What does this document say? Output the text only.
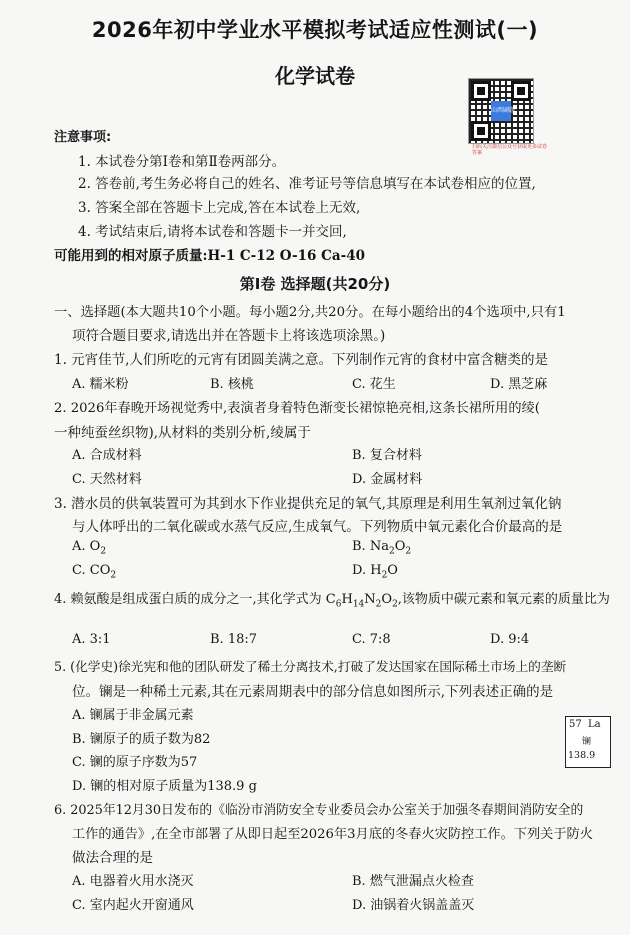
2026年初中学业水平模拟考试适应性测试(一)
化学试卷
山西刷题
扫码关注微信公众号获取更多试卷答案
注意事项:
1. 本试卷分第Ⅰ卷和第Ⅱ卷两部分。
2. 答卷前,考生务必将自己的姓名、准考证号等信息填写在本试卷相应的位置,
3. 答案全部在答题卡上完成,答在本试卷上无效,
4. 考试结束后,请将本试卷和答题卡一并交回,
可能用到的相对原子质量:H-1 C-12 O-16 Ca-40
第Ⅰ卷 选择题(共20分)
一、选择题(本大题共10个小题。每小题2分,共20分。在每小题给出的4个选项中,只有1
项符合题目要求,请选出并在答题卡上将该选项涂黑。)
1. 元宵佳节,人们所吃的元宵有团圆美满之意。下列制作元宵的食材中富含糖类的是
A. 糯米粉	B. 核桃	C. 花生	D. 黑芝麻
2. 2026年春晚开场视觉秀中,表演者身着特色渐变长裙惊艳亮相,这条长裙所用的绫(
一种纯蚕丝织物),从材料的类别分析,绫属于
A. 合成材料	B. 复合材料
C. 天然材料	D. 金属材料
3. 潜水员的供氧装置可为其到水下作业提供充足的氧气,其原理是利用生氧剂过氧化钠
与人体呼出的二氧化碳或水蒸气反应,生成氧气。下列物质中氧元素化合价最高的是
A. $O_2$	B. $Na_2O_2$
C. $CO_2$	D. $H_2O$
4. 赖氨酸是组成蛋白质的成分之一,其化学式为 $C_6H_{14}N_2O_2$,该物质中碳元素和氧元素的质量比为
A. 3:1	B. 18:7	C. 7:8	D. 9:4
5. (化学史)徐光宪和他的团队研发了稀土分离技术,打破了发达国家在国际稀土市场上的垄断
位。镧是一种稀土元素,其在元素周期表中的部分信息如图所示,下列表述正确的是
A. 镧属于非金属元素
B. 镧原子的质子数为82
C. 镧的原子序数为57
D. 镧的相对原子质量为138.9 g
57 La
镧
138.9
6. 2025年12月30日发布的《临汾市消防安全专业委员会办公室关于加强冬春期间消防安全的
工作的通告》,在全市部署了从即日起至2026年3月底的冬春火灾防控工作。下列关于防火
做法合理的是
A. 电器着火用水浇灭	B. 燃气泄漏点火检查
C. 室内起火开窗通风	D. 油锅着火锅盖盖灭
